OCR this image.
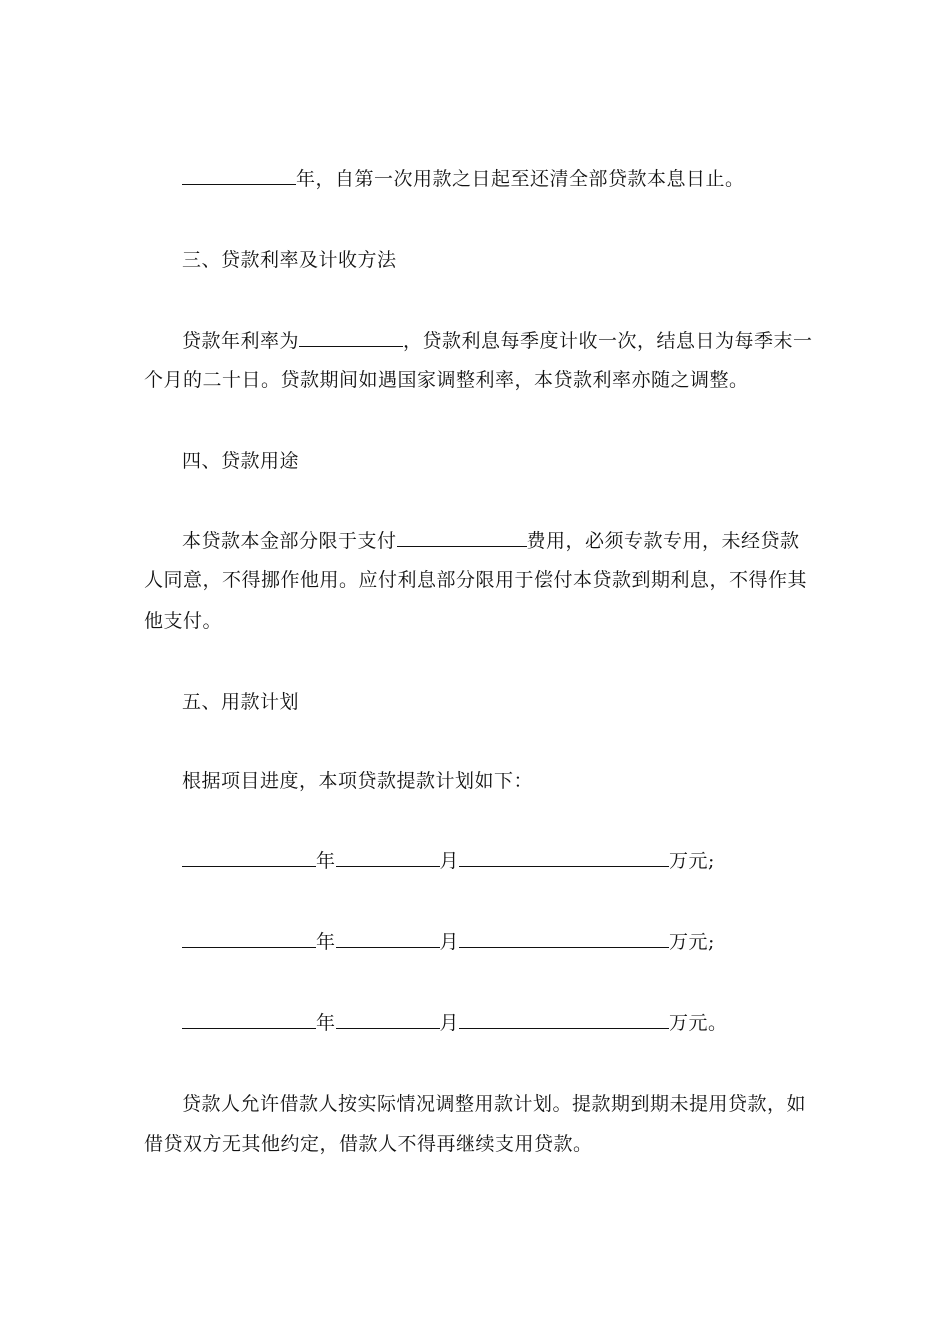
年，自第一次用款之日起至还清全部贷款本息日止。
三、贷款利率及计收方法
贷款年利率为	，贷款利息每季度计收一次，结息日为每季末一
个月的二十日。贷款期间如遇国家调整利率，本贷款利率亦随之调整。
四、贷款用途
本贷款本金部分限于支付	费用，必须专款专用，未经贷款
人同意，不得挪作他用。应付利息部分限用于偿付本贷款到期利息，不得作其
他支付。
五、用款计划
根据项目进度，本项贷款提款计划如下：
年	月	万元;
年	月	万元;
年	月	万元。
贷款人允许借款人按实际情况调整用款计划。提款期到期未提用贷款，如
借贷双方无其他约定，借款人不得再继续支用贷款。
